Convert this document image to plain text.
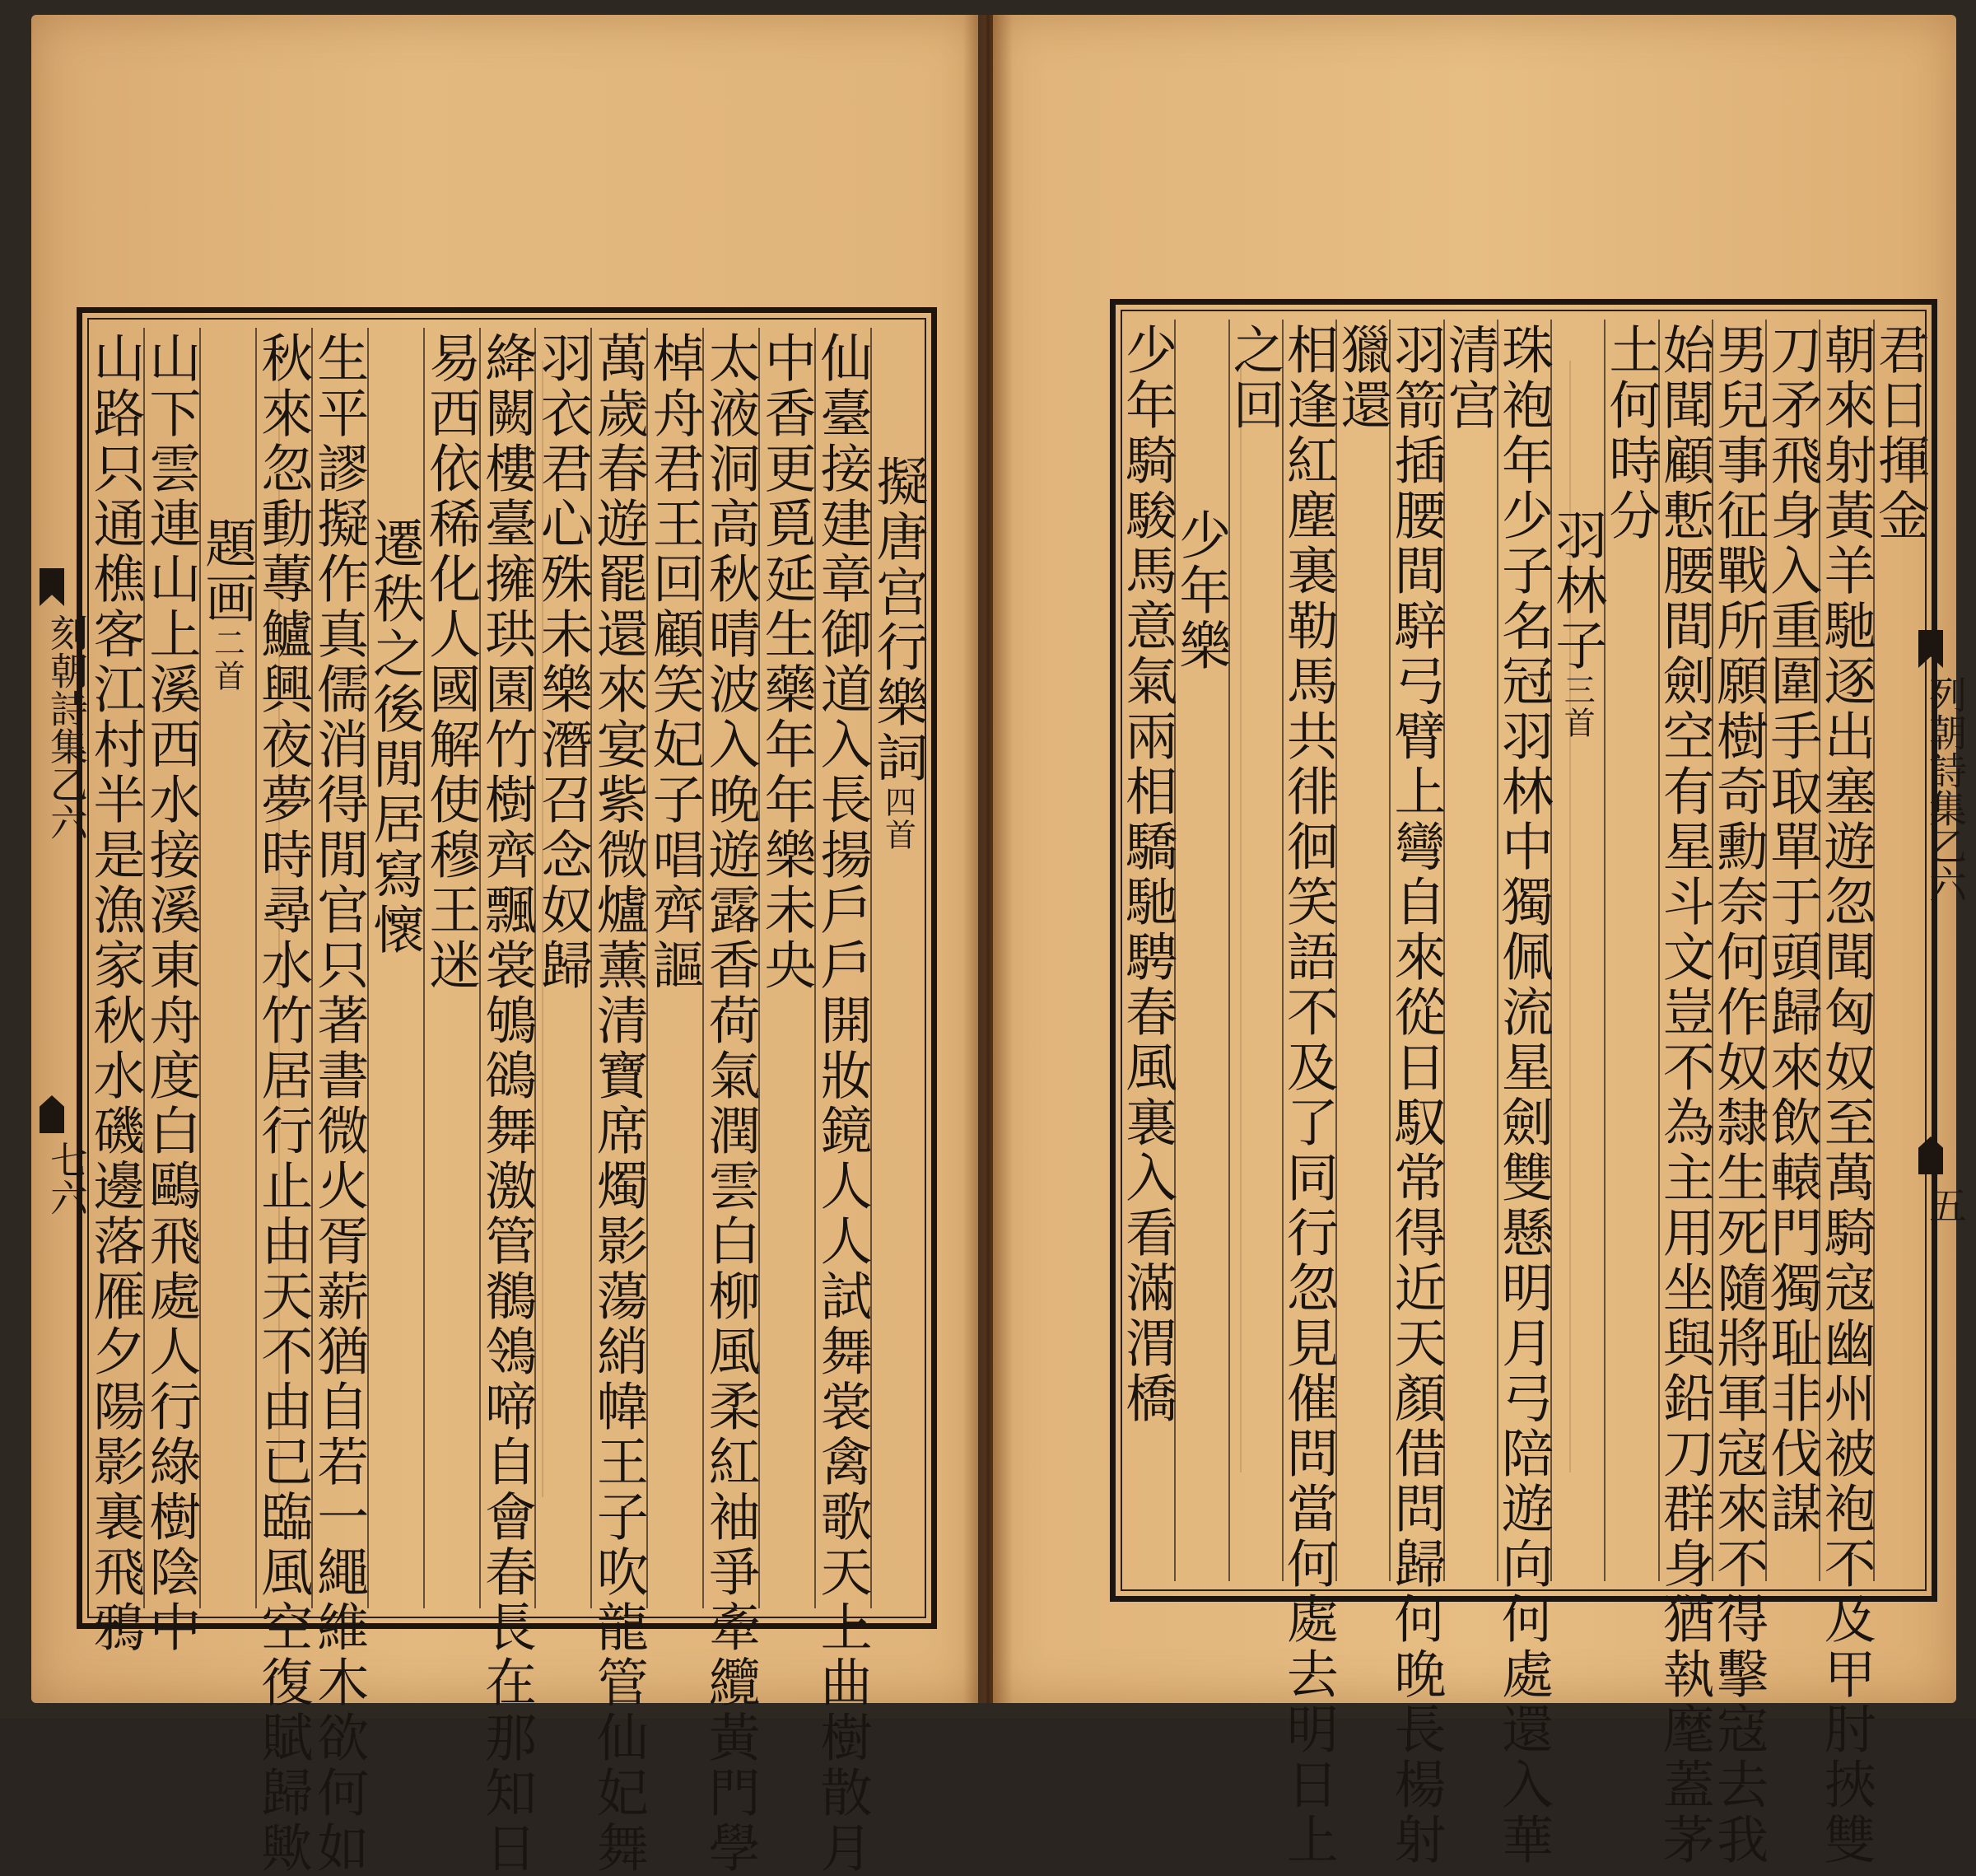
擬唐宫行樂詞四首
仙臺接建章御道入長揚戶戶開妝鏡人人試舞裳禽歌天上曲樹散月
中香更覓延生藥年年樂未央
太液洞高秋晴波入晚遊露香荷氣潤雲白柳風柔紅袖爭牽纜黃門學
棹舟君王回顧笑妃子唱齊謳
萬歲春遊罷還來宴紫微爐薰清寶席燭影蕩綃幃王子吹龍管仙妃舞
羽衣君心殊未樂潛召念奴歸
絳闕樓臺擁珙園竹樹齊飄裳鴝鵒舞激管鶺鴒啼自會春長在那知日
易西依稀化人國解使穆王迷
遷秩之後閒居寫懷
生平謬擬作真儒消得閒官只著書微火胥薪猶自若一繩維木欲何如
秋來忽動蓴鱸興夜夢時尋水竹居行止由天不由已臨風空復賦歸歟
題画二首
山下雲連山上溪西水接溪東舟度白鷗飛處人行綠樹陰中
山路只通樵客江村半是漁家秋水磯邊落雁夕陽影裏飛鴉	君日揮金
朝來射黃羊馳逐出塞遊忽聞匈奴至萬騎寇幽州被袍不及甲肘挾雙
刀矛飛身入重圍手取單于頭歸來飲轅門獨耻非伐謀
男兒事征戰所願樹奇勳奈何作奴隸生死隨將軍寇來不得擊寇去我
始聞顧慙腰間劍空有星斗文豈不為主用坐與鉛刀群身猶執麾蓋茅
土何時分
羽林子三首
珠袍年少子名冠羽林中獨佩流星劍雙懸明月弓陪遊向何處還入華
清宫
羽箭插腰間騂弓臂上彎自來從日馭常得近天顏借問歸何晚長楊射
獵還
相逢紅塵裏勒馬共徘徊笑語不及了同行忽見催問當何處去明日上
之回
少年樂
少年騎駿馬意氣兩相驕馳騁春風裏入看滿渭橋
刻朝詩集乙六
七六
列朝詩集乙六
五
